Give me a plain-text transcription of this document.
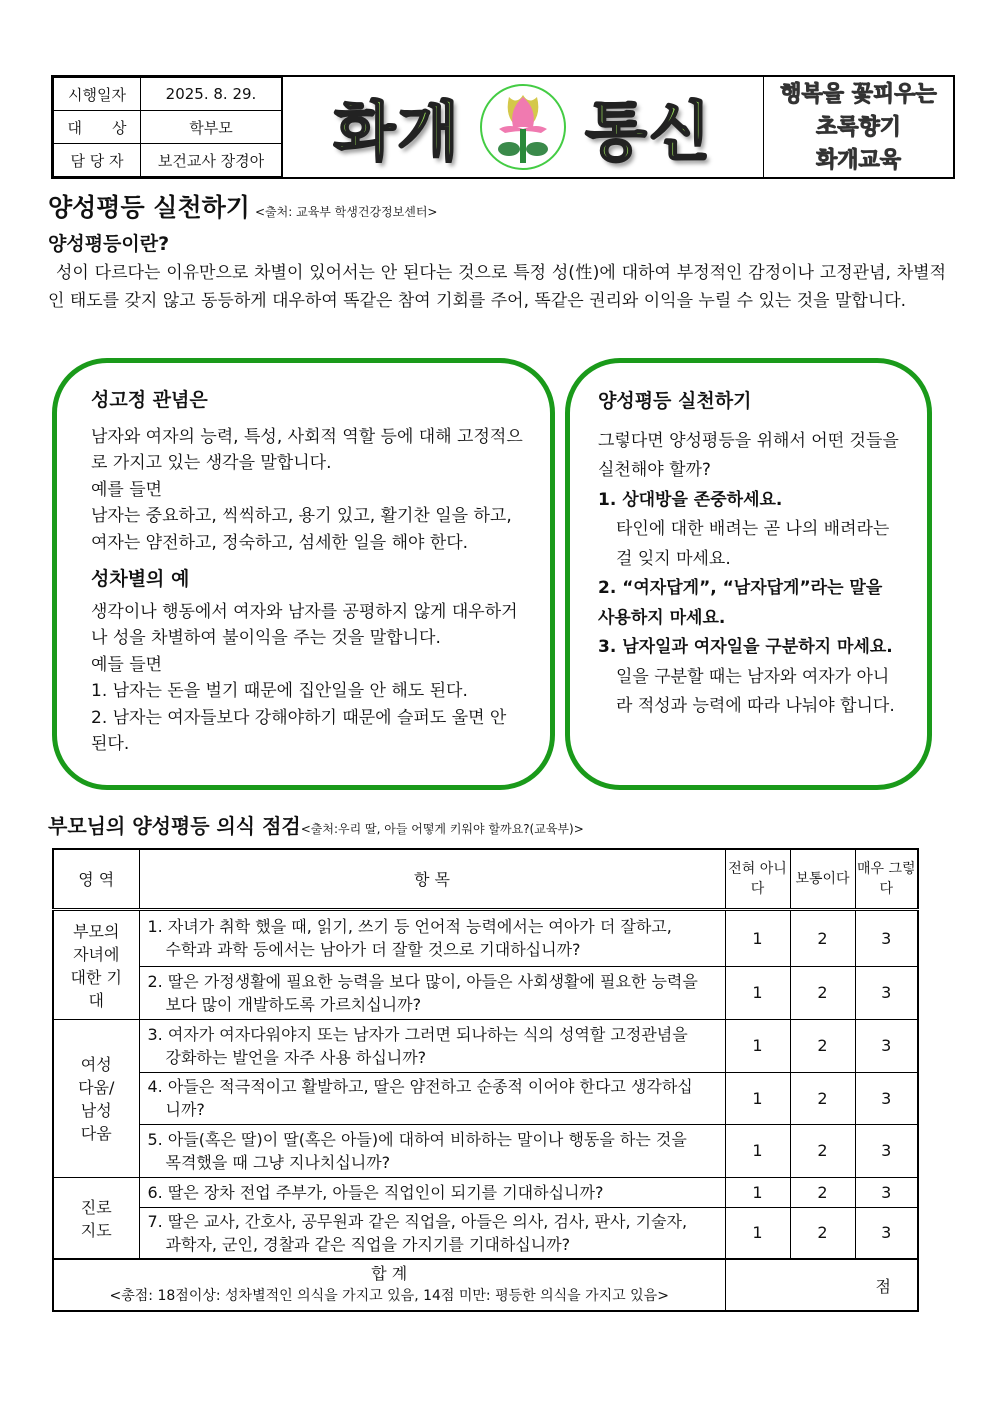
시행일자	2025. 8. 29.
대　　상	학부모
담 당 자	보건교사 장경아 화개 통신
행복을 꽃피우는
초록향기
화개교육
양성평등 실천하기 <출처: 교육부 학생건강정보센터>
양성평등이란?

성이 다르다는 이유만으로 차별이 있어서는 안 된다는 것으로 특정 성(性)에 대하여 부정적인 감정이나 고정관념, 차별적인 태도를 갖지 않고 동등하게 대우하여 똑같은 참여 기회를 주어, 똑같은 권리와 이익을 누릴 수 있는 것을 말합니다.

성고정 관념은

남자와 여자의 능력, 특성, 사회적 역할 등에 대해 고정적으로 가지고 있는 생각을 말합니다.

예를 들면

남자는 중요하고, 씩씩하고, 용기 있고, 활기찬 일을 하고,

여자는 얌전하고, 정숙하고, 섬세한 일을 해야 한다.

성차별의 예

생각이나 행동에서 여자와 남자를 공평하지 않게 대우하거나 성을 차별하여 불이익을 주는 것을 말합니다.

예들 들면

1. 남자는 돈을 벌기 때문에 집안일을 안 해도 된다.

2. 남자는 여자들보다 강해야하기 때문에 슬퍼도 울면 안 된다.

양성평등 실천하기

그렇다면 양성평등을 위해서 어떤 것들을 실천해야 할까?

1. 상대방을 존중하세요.

타인에 대한 배려는 곧 나의 배려라는 걸 잊지 마세요.

2. “여자답게”, “남자답게”라는 말을 사용하지 마세요.

3. 남자일과 여자일을 구분하지 마세요.

일을 구분할 때는 남자와 여자가 아니라 적성과 능력에 따라 나눠야 합니다.

부모님의 양성평등 의식 점검<출처:우리 딸, 아들 어떻게 키워야 할까요?(교육부)>
영 역	항 목	전혀 아니다	보통이다	매우 그렇다
부모의 자녀에 대한 기대	1. 자녀가 취학 했을 때, 읽기, 쓰기 등 언어적 능력에서는 여아가 더 잘하고,
수학과 과학 등에서는 남아가 더 잘할 것으로 기대하십니까?	1	2	3
	2. 딸은 가정생활에 필요한 능력을 보다 많이, 아들은 사회생활에 필요한 능력을
보다 많이 개발하도록 가르치십니까?	1	2	3
여성 다움/ 남성 다움	3. 여자가 여자다워야지 또는 남자가 그러면 되나하는 식의 성역할 고정관념을
강화하는 발언을 자주 사용 하십니까?	1	2	3
	4. 아들은 적극적이고 활발하고, 딸은 얌전하고 순종적 이어야 한다고 생각하십
니까?	1	2	3
	5. 아들(혹은 딸)이 딸(혹은 아들)에 대하여 비하하는 말이나 행동을 하는 것을
목격했을 때 그냥 지나치십니까?	1	2	3
진로 지도	6. 딸은 장차 전업 주부가, 아들은 직업인이 되기를 기대하십니까?	1	2	3
	7. 딸은 교사, 간호사, 공무원과 같은 직업을, 아들은 의사, 검사, 판사, 기술자,
과학자, 군인, 경찰과 같은 직업을 가지기를 기대하십니까?	1	2	3

합 계
<총점: 18점이상: 성차별적인 의식을 가지고 있음, 14점 미만: 평등한 의식을 가지고 있음>		점		
